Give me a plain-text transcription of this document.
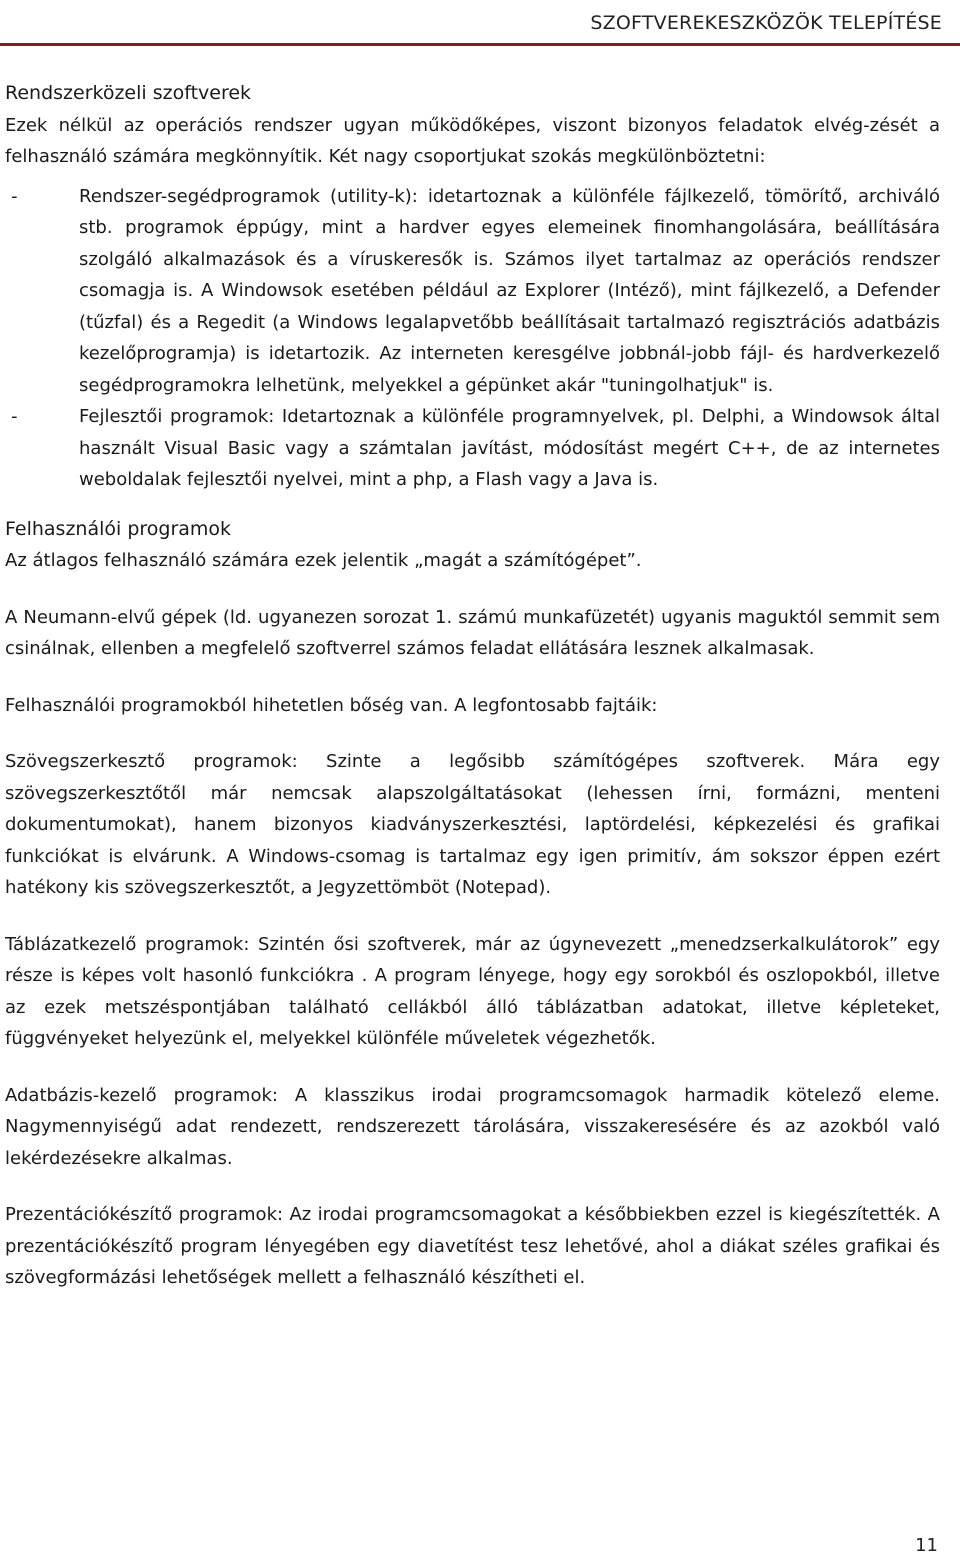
SZOFTVEREKESZKÖZÖK TELEPÍTÉSE

Rendszerközeli szoftverek

Ezek nélkül az operációs rendszer ugyan működőképes, viszont bizonyos feladatok elvég-zését a felhasználó számára megkönnyítik. Két nagy csoportjukat szokás megkülönböztetni:

-	Rendszer-segédprogramok (utility-k): idetartoznak a különféle fájlkezelő, tömörítő, archiváló stb. programok éppúgy, mint a hardver egyes elemeinek finomhangolására, beállítására szolgáló alkalmazások és a víruskeresők is. Számos ilyet tartalmaz az operációs rendszer csomagja is. A Windowsok esetében például az Explorer (Intéző), mint fájlkezelő, a Defender (tűzfal) és a Regedit (a Windows legalapvetőbb beállításait tartalmazó regisztrációs adatbázis kezelőprogramja) is idetartozik. Az interneten keresgélve jobbnál-jobb fájl- és hardverkezelő segédprogramokra lelhetünk, melyekkel a gépünket akár "tuningolhatjuk" is.
-	Fejlesztői programok: Idetartoznak a különféle programnyelvek, pl. Delphi, a Windowsok által használt Visual Basic vagy a számtalan javítást, módosítást megért C++, de az internetes weboldalak fejlesztői nyelvei, mint a php, a Flash vagy a Java is.

Felhasználói programok

Az átlagos felhasználó számára ezek jelentik „magát a számítógépet”.

A Neumann-elvű gépek (ld. ugyanezen sorozat 1. számú munkafüzetét) ugyanis maguktól semmit sem csinálnak, ellenben a megfelelő szoftverrel számos feladat ellátására lesznek alkalmasak.

Felhasználói programokból hihetetlen bőség van. A legfontosabb fajtáik:

Szövegszerkesztő programok: Szinte a legősibb számítógépes szoftverek. Mára egy szövegszerkesztőtől már nemcsak alapszolgáltatásokat (lehessen írni, formázni, menteni dokumentumokat), hanem bizonyos kiadványszerkesztési, laptördelési, képkezelési és grafikai funkciókat is elvárunk. A Windows-csomag is tartalmaz egy igen primitív, ám sokszor éppen ezért hatékony kis szövegszerkesztőt, a Jegyzettömböt (Notepad).

Táblázatkezelő programok: Szintén ősi szoftverek, már az úgynevezett „menedzserkalkulátorok” egy része is képes volt hasonló funkciókra . A program lényege, hogy egy sorokból és oszlopokból, illetve az ezek metszéspontjában található cellákból álló táblázatban adatokat, illetve képleteket, függvényeket helyezünk el, melyekkel különféle műveletek végezhetők.

Adatbázis-kezelő programok: A klasszikus irodai programcsomagok harmadik kötelező eleme. Nagymennyiségű adat rendezett, rendszerezett tárolására, visszakeresésére és az azokból való lekérdezésekre alkalmas.

Prezentációkészítő programok: Az irodai programcsomagokat a későbbiekben ezzel is kiegészítették. A prezentációkészítő program lényegében egy diavetítést tesz lehetővé, ahol a diákat széles grafikai és szövegformázási lehetőségek mellett a felhasználó készítheti el.

11
